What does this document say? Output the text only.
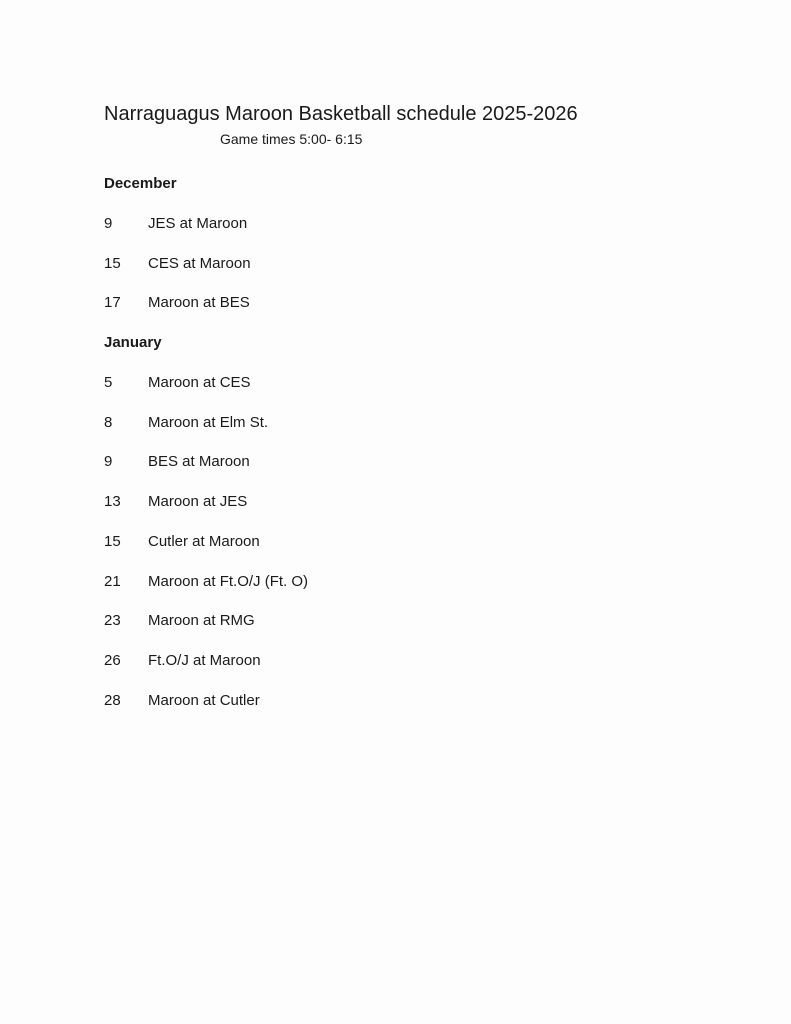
Narraguagus Maroon Basketball schedule 2025-2026
Game times 5:00- 6:15
December
9 JES at Maroon
15 CES at Maroon
17 Maroon at BES
January
5 Maroon at CES
8 Maroon at Elm St.
9 BES at Maroon
13 Maroon at JES
15 Cutler at Maroon
21 Maroon at Ft.O/J (Ft. O)
23 Maroon at RMG
26 Ft.O/J at Maroon
28 Maroon at Cutler
